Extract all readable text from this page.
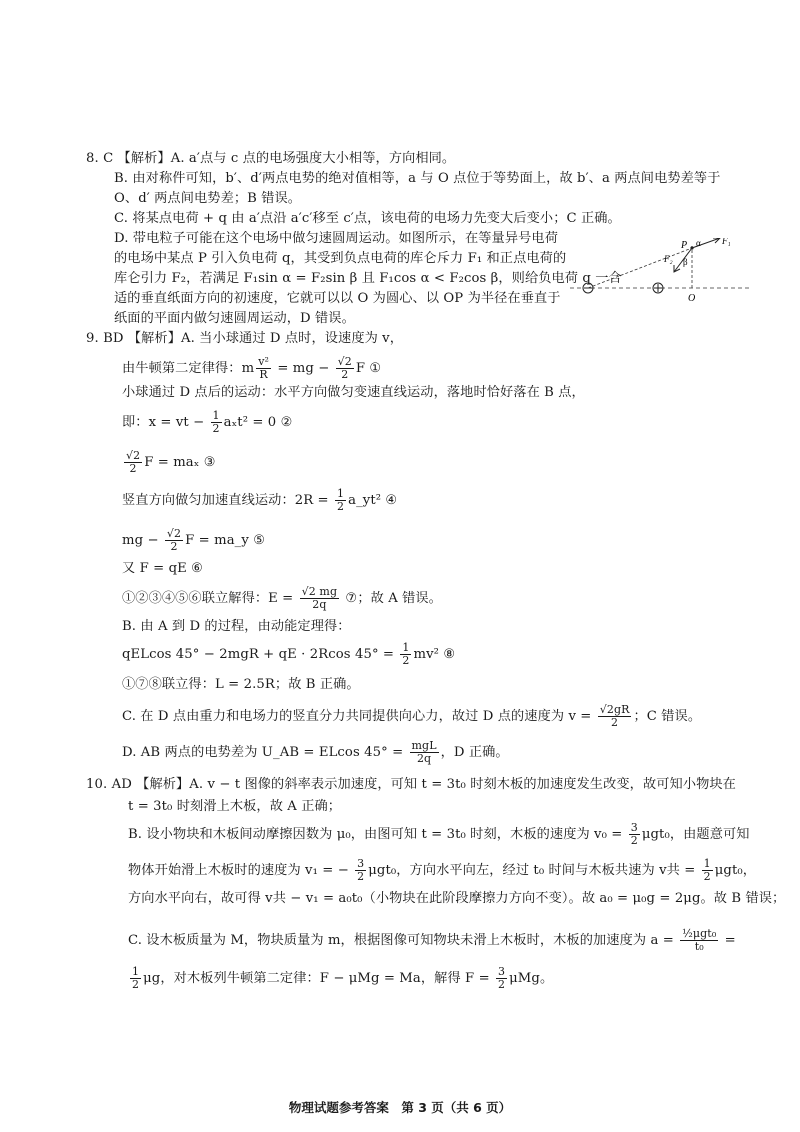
8. C 【解析】A. a′点与 c 点的电场强度大小相等，方向相同。
B. 由对称件可知，b′、d′两点电势的绝对值相等，a 与 O 点位于等势面上，故 b′、a 两点间电势差等于
O、d′ 两点间电势差；B 错误。
C. 将某点电荷 + q 由 a′点沿 a′c′移至 c′点，该电荷的电场力先变大后变小；C 正确。
D. 带电粒子可能在这个电场中做匀速圆周运动。如图所示，在等量异号电荷
的电场中某点 P 引入负电荷 q，其受到负点电荷的库仑斥力 F₁ 和正点电荷的
库仑引力 F₂，若满足 F₁sin α = F₂sin β 且 F₁cos α < F₂cos β，则给负电荷 q 一合
适的垂直纸面方向的初速度，它就可以以 O 为圆心、以 OP 为半径在垂直于
纸面的平面内做匀速圆周运动，D 错误。
P α
β
F₁
F₂
O
9. BD 【解析】A. 当小球通过 D 点时，设速度为 v，
由牛顿第二定律得：m $\frac{\text{v²}}{R}$ = mg − $\frac{√2}{2}$ F ①
小球通过 D 点后的运动：水平方向做匀变速直线运动，落地时恰好落在 B 点，
即：x = vt − $\frac{1}{2} a_xt^2 = 0$ ②
$\frac{√2}{2}$ F = maₓ ③
竖直方向做匀加速直线运动：$2R = \frac{1}{2}$ a_yt² ④
mg − $\frac{√2}{2}$ F = ma_y ⑤
又 F = qE ⑥
①②③④⑤⑥联立解得：$E = \frac{√2 mg}{2q}$ ⑦；故 A 错误。
B. 由 A 到 D 的过程，由动能定理得：
qELcos 45° − 2mgR + qE · 2Rcos $45^\circ = \frac{1}{2} mv^2$ ⑧
①⑦⑧联立得：L = 2.5R；故 B 正确。
C. 在 D 点由重力和电场力的竖直分力共同提供向心力，故过 D 点的速度为 $v = \frac{√2gR}{2}$ ；C 错误。
D. AB 两点的电势差为 U_AB = ELcos $45^\circ = \frac{\text{mgL}}{2q}$ ，D 正确。
10. AD 【解析】A. v − t 图像的斜率表示加速度，可知 t = 3t₀ 时刻木板的加速度发生改变，故可知小物块在
t = 3t₀ 时刻滑上木板，故 A 正确；
B. 设小物块和木板间动摩擦因数为 μ₀，由图可知 t = 3t₀ 时刻，木板的速度为 $v_0 = \frac{3}{2} \mu gt_0$，由题意可知
物体开始滑上木板时的速度为 v₁ = − $\frac{3}{2} \mu gt_0$，方向水平向左，经过 t₀ 时间与木板共速为 v共 = $\frac{1}{2} \mu gt_0$，
方向水平向右，故可得 v共 − v₁ = a₀t₀（小物块在此阶段摩擦力方向不变）。故 a₀ = μ₀g = 2μg。故 B 错误；
C. 设木板质量为 M，物块质量为 m，根据图像可知物块未滑上木板时，木板的加速度为 $a = \frac{\text{½μgt₀}}{\text{t₀}}$ =
$\frac{1}{2}$ μg，对木板列牛顿第二定律：F − μMg = Ma，解得 $F = \frac{3}{2}$ μMg。
物理试题参考答案　第 3 页（共 6 页）
